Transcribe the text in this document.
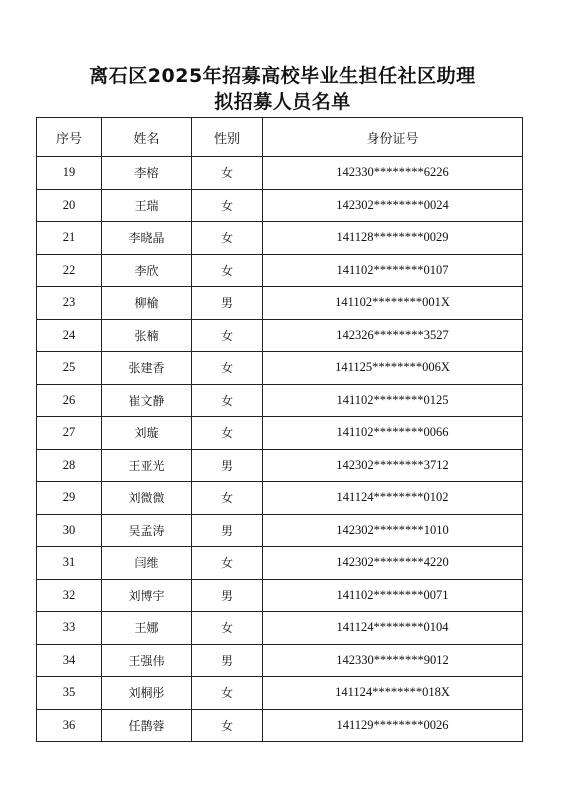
离石区2025年招募高校毕业生担任社区助理
拟招募人员名单
序号	姓名	性别	身份证号
19	李榕	女	142330********6226
20	王瑞	女	142302********0024
21	李晓晶	女	141128********0029
22	李欣	女	141102********0107
23	柳榆	男	141102********001X
24	张楠	女	142326********3527
25	张建香	女	141125********006X
26	崔文静	女	141102********0125
27	刘璇	女	141102********0066
28	王亚光	男	142302********3712
29	刘微微	女	141124********0102
30	吴孟涛	男	142302********1010
31	闫维	女	142302********4220
32	刘博宇	男	141102********0071
33	王娜	女	141124********0104
34	王强伟	男	142330********9012
35	刘桐彤	女	141124********018X
36	任鹊蓉	女	141129********0026
